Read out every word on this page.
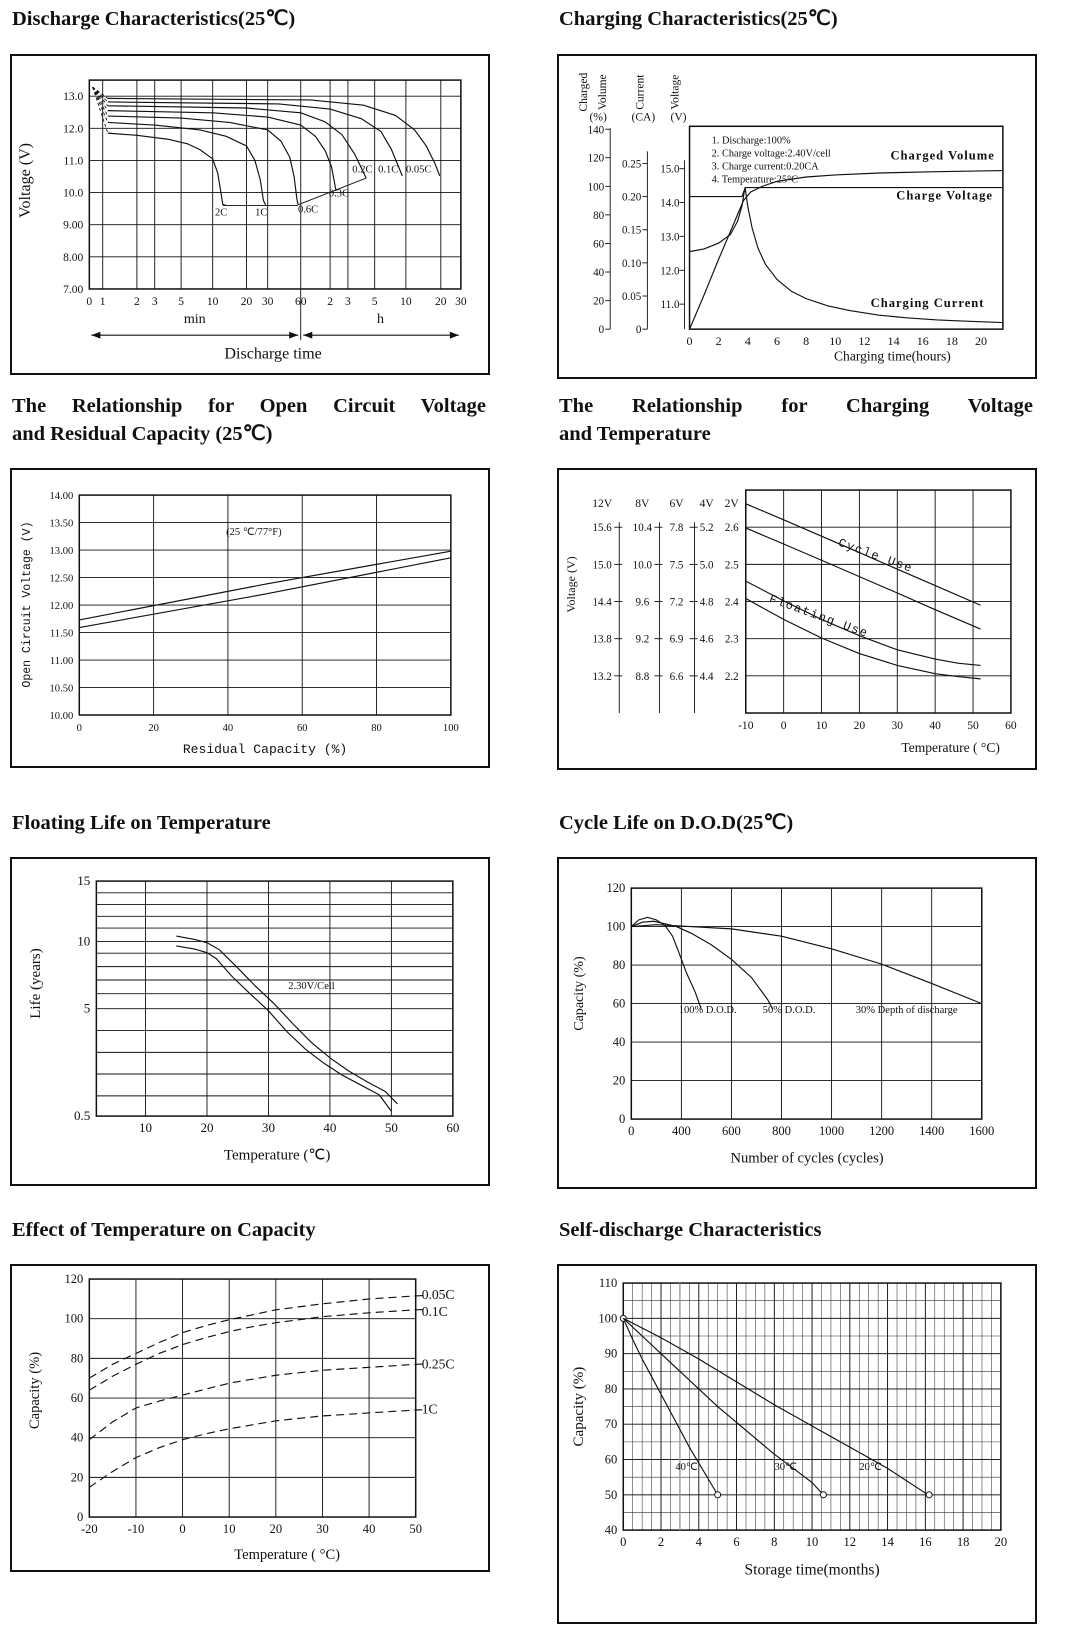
Discharge Characteristics(25℃)
0 1 2 3 5 10 20 30 60 2 3 5 10 20 30
13.0
12.0
11.0
10.0
9.00
8.00
7.00
2C	1C	0.6C
0.3C
0.2C 0.1C 0.05C
Voltage (V)
min	h
Discharge time
Charging Characteristics(25℃)
0 2 4 6 8 10 12 14 16 18 20
Charged Volume Current Voltage
(%) (CA) (V)
140
120
100
80
60
40
20
0
0.25
0.20
0.15
0.10
0.05
0
15.0
14.0
13.0
12.0
11.0
1. Discharge:100%
2. Charge voltage:2.40V/cell
3. Charge current:0.20CA
4. Temperature:25°C
Charged Volume
Charge Voltage
Charging Current
Charging time(hours)
The Relationship for Open Circuit Voltage
and Residual Capacity (25℃)
0	20	40	60	80	100
14.00
13.50
13.00
12.50
12.00
11.50
11.00
10.50
10.00
(25 ℃/77°F)
Open Circuit Voltage (V)
Residual Capacity (%)
The Relationship for Charging Voltage
and Temperature
-10 0	10 20 30 40 50 60
Cycle Use
Floating Use
12V 8V 6V 4V 2V
Voltage (V)
Temperature ( °C)
15.6
15.0
14.4
13.8
13.2
10.4
10.0
9.6
9.2
8.8
7.8
7.5
7.2
6.9
6.6
5.2
5.0
4.8
4.6
4.4
2.6
2.5
2.4
2.3
2.2
Floating Life on Temperature
10	20	30	40	50	60
15
10
5
0.5
2.30V/Cell
Life (years)
Temperature (℃)
Cycle Life on D.O.D(25℃)
0	400 600	800 1000 1200 1400 1600
120
100
80
60
40
20
0
100% D.O.D. 50% D.O.D.	30% Depth of discharge
Capacity (%)
Number of cycles (cycles)
Effect of Temperature on Capacity
-20 -10	0	10	20	30	40	50
120
100
80
60
40
20
0
0.05C
0.1C
0.25C
1C
Capacity (%)
Temperature ( °C)
Self-discharge Characteristics
0	2	4	6	8 10 12 14 16 18 20
110
100
90
80
70
60
50
40
40℃	30℃	20℃
Capacity (%)
Storage time(months)
